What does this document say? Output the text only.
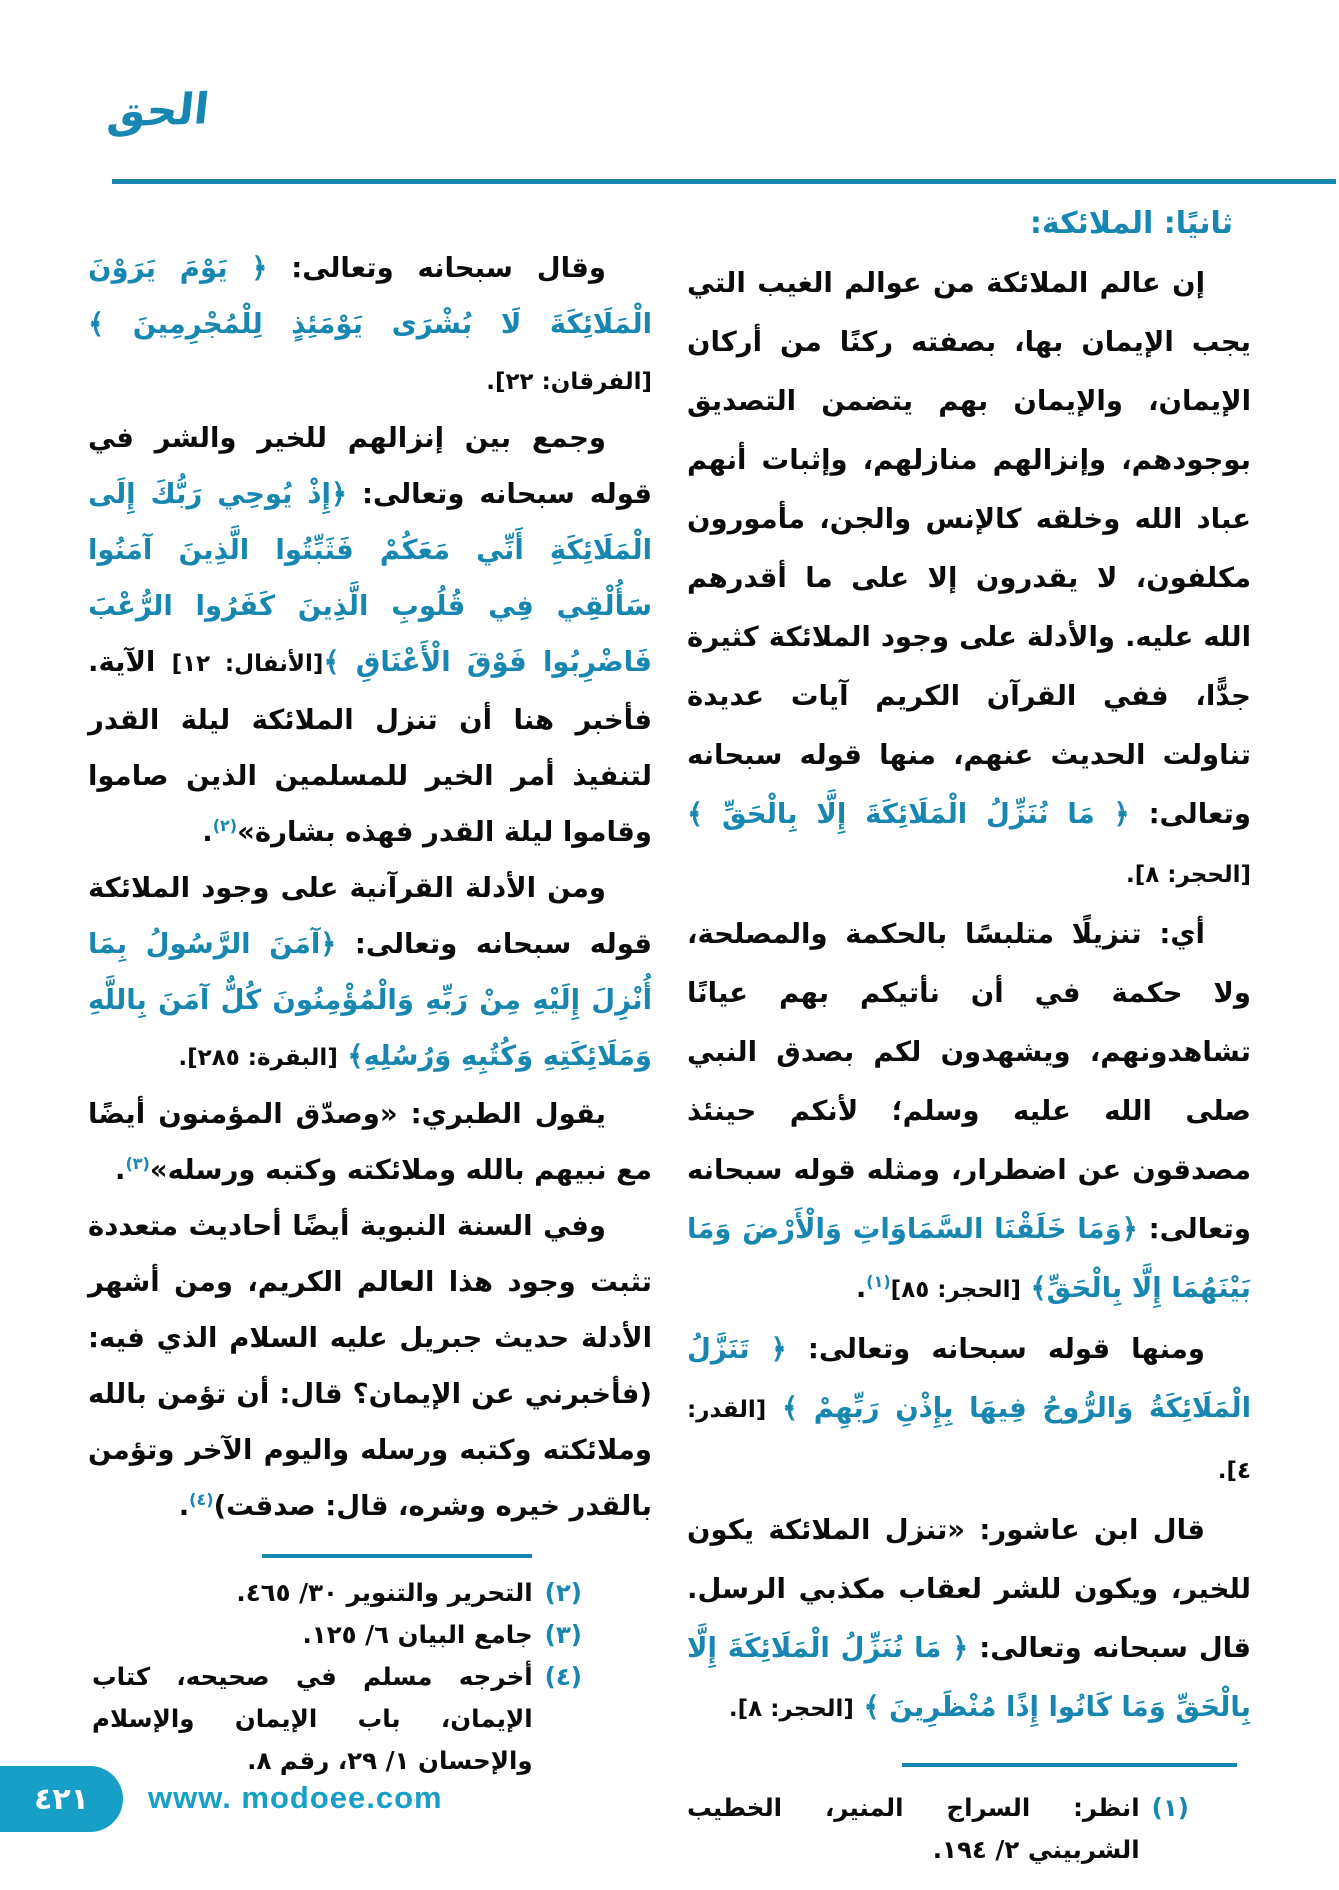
الحق

ثانيًا: الملائكة:

إن عالم الملائكة من عوالم الغيب التي يجب الإيمان بها، بصفته ركنًا من أركان الإيمان، والإيمان بهم يتضمن التصديق بوجودهم، وإنزالهم منازلهم، وإثبات أنهم عباد الله وخلقه كالإنس والجن، مأمورون مكلفون، لا يقدرون إلا على ما أقدرهم الله عليه. والأدلة على وجود الملائكة كثيرة جدًّا، ففي القرآن الكريم آيات عديدة تناولت الحديث عنهم، منها قوله سبحانه وتعالى: ﴿ مَا نُنَزِّلُ الْمَلَائِكَةَ إِلَّا بِالْحَقِّ ﴾ [الحجر: ٨].

أي: تنزيلًا متلبسًا بالحكمة والمصلحة، ولا حكمة في أن نأتيكم بهم عيانًا تشاهدونهم، ويشهدون لكم بصدق النبي صلى الله عليه وسلم؛ لأنكم حينئذ مصدقون عن اضطرار، ومثله قوله سبحانه وتعالى: ﴿وَمَا خَلَقْنَا السَّمَاوَاتِ وَالْأَرْضَ وَمَا بَيْنَهُمَا إِلَّا بِالْحَقِّ﴾ [الحجر: ٨٥]$^{(١)}$.

ومنها قوله سبحانه وتعالى: ﴿ تَنَزَّلُ الْمَلَائِكَةُ وَالرُّوحُ فِيهَا بِإِذْنِ رَبِّهِمْ ﴾ [القدر: ٤].

قال ابن عاشور: «تنزل الملائكة يكون للخير، ويكون للشر لعقاب مكذبي الرسل. قال سبحانه وتعالى: ﴿ مَا نُنَزِّلُ الْمَلَائِكَةَ إِلَّا بِالْحَقِّ وَمَا كَانُوا إِذًا مُنْظَرِينَ ﴾ [الحجر: ٨].

(١)
انظر: السراج المنير، الخطيب الشربيني ٢/ ١٩٤.

وقال سبحانه وتعالى: ﴿ يَوْمَ يَرَوْنَ الْمَلَائِكَةَ لَا بُشْرَى يَوْمَئِذٍ لِلْمُجْرِمِينَ ﴾ [الفرقان: ٢٢].

وجمع بين إنزالهم للخير والشر في قوله سبحانه وتعالى: ﴿إِذْ يُوحِي رَبُّكَ إِلَى الْمَلَائِكَةِ أَنِّي مَعَكُمْ فَثَبِّتُوا الَّذِينَ آمَنُوا سَأُلْقِي فِي قُلُوبِ الَّذِينَ كَفَرُوا الرُّعْبَ فَاضْرِبُوا فَوْقَ الْأَعْنَاقِ ﴾[الأنفال: ١٢] الآية. فأخبر هنا أن تنزل الملائكة ليلة القدر لتنفيذ أمر الخير للمسلمين الذين صاموا وقاموا ليلة القدر فهذه بشارة»$^{(٢)}$.

ومن الأدلة القرآنية على وجود الملائكة قوله سبحانه وتعالى: ﴿آمَنَ الرَّسُولُ بِمَا أُنْزِلَ إِلَيْهِ مِنْ رَبِّهِ وَالْمُؤْمِنُونَ كُلٌّ آمَنَ بِاللَّهِ وَمَلَائِكَتِهِ وَكُتُبِهِ وَرُسُلِهِ﴾ [البقرة: ٢٨٥].

يقول الطبري: «وصدّق المؤمنون أيضًا مع نبيهم بالله وملائكته وكتبه ورسله»$^{(٣)}$.

وفي السنة النبوية أيضًا أحاديث متعددة تثبت وجود هذا العالم الكريم، ومن أشهر الأدلة حديث جبريل عليه السلام الذي فيه: (فأخبرني عن الإيمان؟ قال: أن تؤمن بالله وملائكته وكتبه ورسله واليوم الآخر وتؤمن بالقدر خيره وشره، قال: صدقت)$^{(٤)}$.

(٢)
التحرير والتنوير ٣٠/ ٤٦٥.
(٣)
جامع البيان ٦/ ١٢٥.
(٤)
أخرجه مسلم في صحيحه، كتاب الإيمان، باب الإيمان والإسلام والإحسان ١/ ٢٩، رقم ٨.
٤٢١	www. modoee.com
